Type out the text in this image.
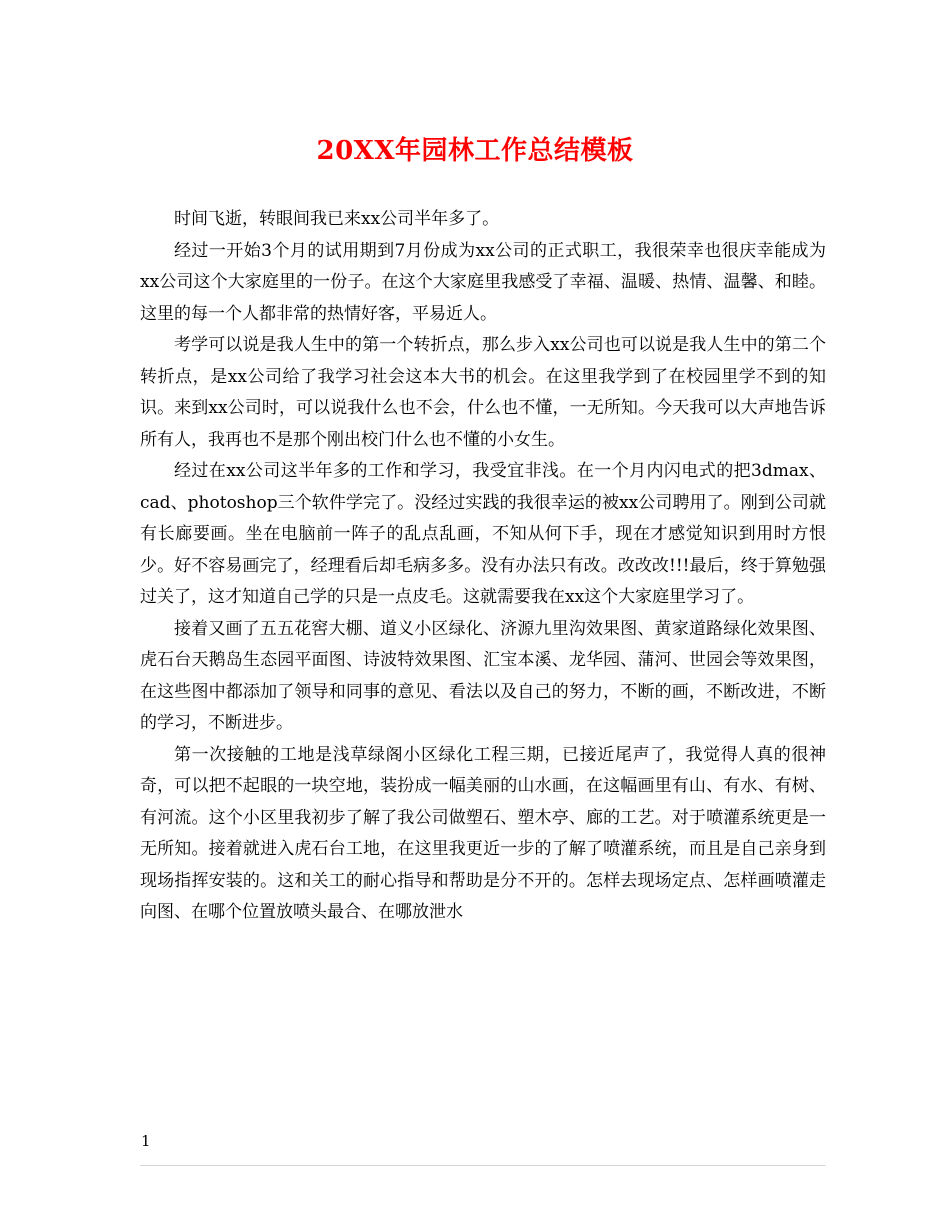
20XX年园林工作总结模板

时间飞逝，转眼间我已来xx公司半年多了。

经过一开始3个月的试用期到7月份成为xx公司的正式职工，我很荣幸也很庆幸能成为xx公司这个大家庭里的一份子。在这个大家庭里我感受了幸福、温暖、热情、温馨、和睦。这里的每一个人都非常的热情好客，平易近人。

考学可以说是我人生中的第一个转折点，那么步入xx公司也可以说是我人生中的第二个转折点，是xx公司给了我学习社会这本大书的机会。在这里我学到了在校园里学不到的知识。来到xx公司时，可以说我什么也不会，什么也不懂，一无所知。今天我可以大声地告诉所有人，我再也不是那个刚出校门什么也不懂的小女生。

经过在xx公司这半年多的工作和学习，我受宜非浅。在一个月内闪电式的把3dmax、cad、photoshop三个软件学完了。没经过实践的我很幸运的被xx公司聘用了。刚到公司就有长廊要画。坐在电脑前一阵子的乱点乱画，不知从何下手，现在才感觉知识到用时方恨少。好不容易画完了，经理看后却毛病多多。没有办法只有改。改改改!!!最后，终于算勉强过关了，这才知道自己学的只是一点皮毛。这就需要我在xx这个大家庭里学习了。

接着又画了五五花窖大棚、道义小区绿化、济源九里沟效果图、黄家道路绿化效果图、虎石台天鹅岛生态园平面图、诗波特效果图、汇宝本溪、龙华园、蒲河、世园会等效果图，在这些图中都添加了领导和同事的意见、看法以及自己的努力，不断的画，不断改进，不断的学习，不断进步。

第一次接触的工地是浅草绿阁小区绿化工程三期，已接近尾声了，我觉得人真的很神奇，可以把不起眼的一块空地，装扮成一幅美丽的山水画，在这幅画里有山、有水、有树、有河流。这个小区里我初步了解了我公司做塑石、塑木亭、廊的工艺。对于喷灌系统更是一无所知。接着就进入虎石台工地，在这里我更近一步的了解了喷灌系统，而且是自己亲身到现场指挥安装的。这和关工的耐心指导和帮助是分不开的。怎样去现场定点、怎样画喷灌走向图、在哪个位置放喷头最合、在哪放泄水

1
